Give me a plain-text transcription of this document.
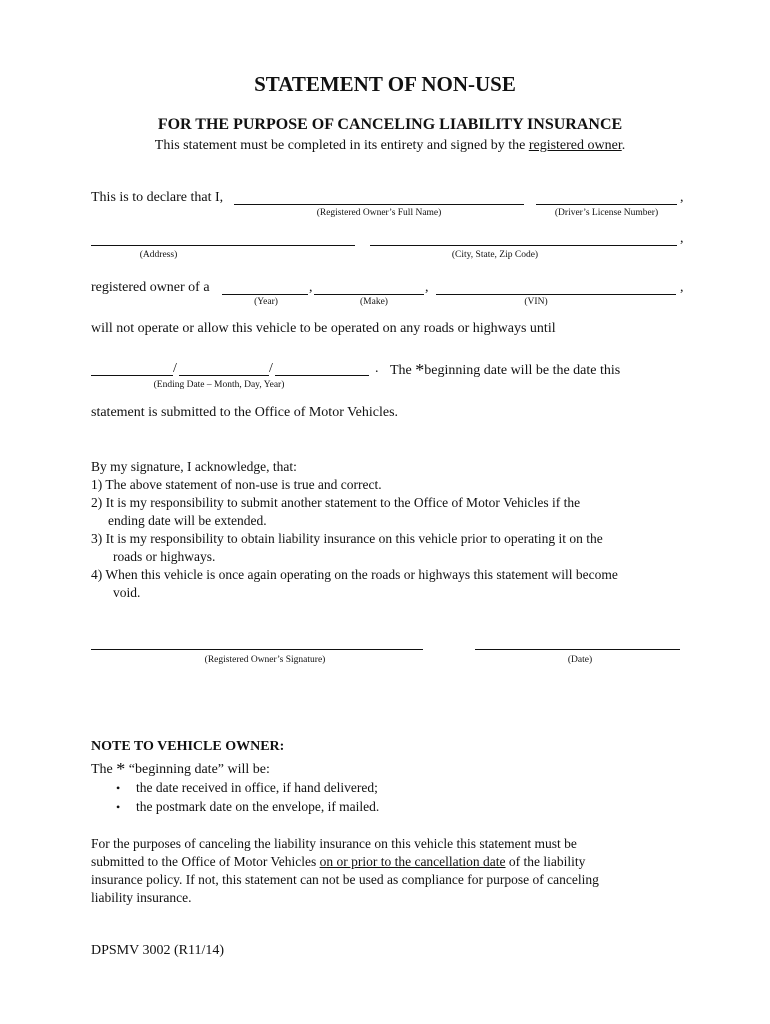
STATEMENT OF NON-USE
FOR THE PURPOSE OF CANCELING LIABILITY INSURANCE
This statement must be completed in its entirety and signed by the registered owner.
This is to declare that I,	,
(Registered Owner’s Full Name)	(Driver’s License Number)
,
(Address)	(City, State, Zip Code)
registered owner of a	,	,	,
(Year)	(Make)	(VIN)
will not operate or allow this vehicle to be operated on any roads or highways until
/	/	. The *beginning date will be the date this
(Ending Date – Month, Day, Year)
statement is submitted to the Office of Motor Vehicles.
By my signature, I acknowledge, that:
1) The above statement of non-use is true and correct.
2) It is my responsibility to submit another statement to the Office of Motor Vehicles if the
ending date will be extended.
3) It is my responsibility to obtain liability insurance on this vehicle prior to operating it on the
roads or highways.
4) When this vehicle is once again operating on the roads or highways this statement will become
void.
(Registered Owner’s Signature)	(Date)
NOTE TO VEHICLE OWNER:
The * “beginning date” will be:
• the date received in office, if hand delivered;
• the postmark date on the envelope, if mailed.
For the purposes of canceling the liability insurance on this vehicle this statement must be
submitted to the Office of Motor Vehicles on or prior to the cancellation date of the liability
insurance policy. If not, this statement can not be used as compliance for purpose of canceling
liability insurance.
DPSMV 3002 (R11/14)
